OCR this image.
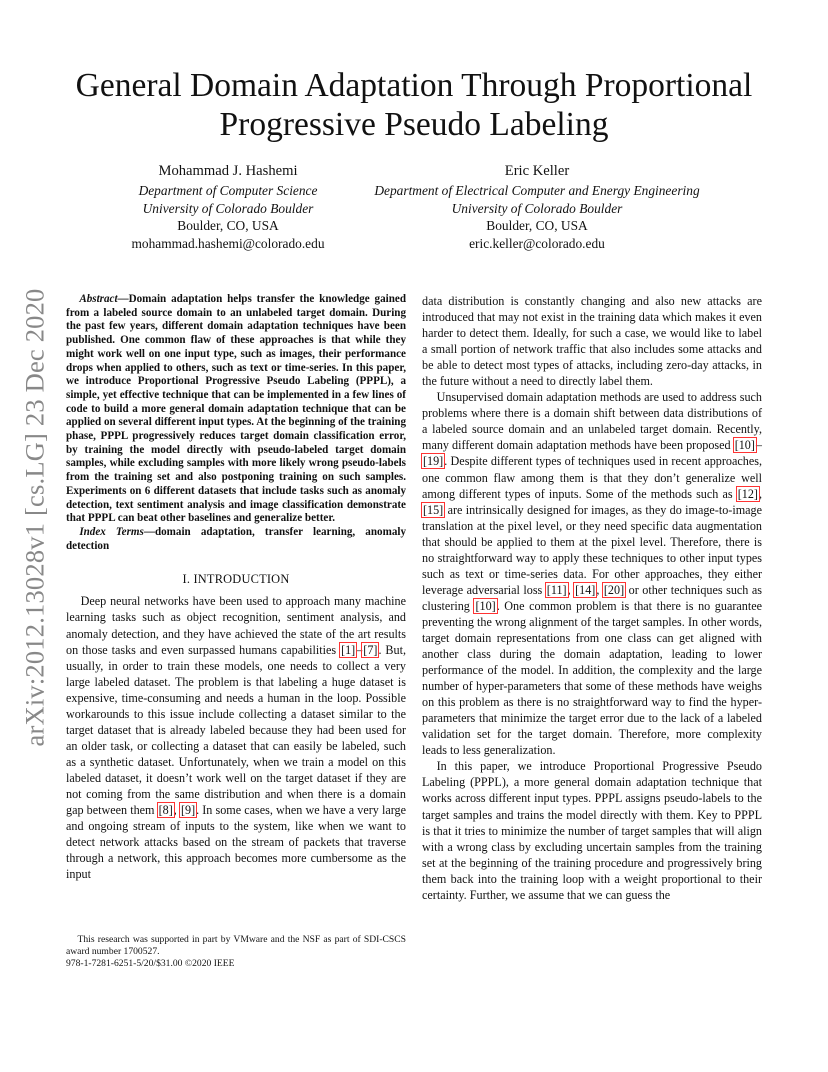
arXiv:2012.13028v1 [cs.LG] 23 Dec 2020
General Domain Adaptation Through Proportional Progressive Pseudo Labeling
Mohammad J. Hashemi
Department of Computer Science
University of Colorado Boulder
Boulder, CO, USA
mohammad.hashemi@colorado.edu
Eric Keller
Department of Electrical Computer and Energy Engineering
University of Colorado Boulder
Boulder, CO, USA
eric.keller@colorado.edu

Abstract—Domain adaptation helps transfer the knowledge gained from a labeled source domain to an unlabeled target domain. During the past few years, different domain adaptation techniques have been published. One common flaw of these approaches is that while they might work well on one input type, such as images, their performance drops when applied to others, such as text or time-series. In this paper, we introduce Proportional Progressive Pseudo Labeling (PPPL), a simple, yet effective technique that can be implemented in a few lines of code to build a more general domain adaptation technique that can be applied on several different input types. At the beginning of the training phase, PPPL progressively reduces target domain classification error, by training the model directly with pseudo-labeled target domain samples, while excluding samples with more likely wrong pseudo-labels from the training set and also postponing training on such samples. Experiments on 6 different datasets that include tasks such as anomaly detection, text sentiment analysis and image classification demonstrate that PPPL can beat other baselines and generalize better.

Index Terms—domain adaptation, transfer learning, anomaly detection

I. INTRODUCTION

Deep neural networks have been used to approach many machine learning tasks such as object recognition, sentiment analysis, and anomaly detection, and they have achieved the state of the art results on those tasks and even surpassed humans capabilities [1]–[7]. But, usually, in order to train these models, one needs to collect a very large labeled dataset. The problem is that labeling a huge dataset is expensive, time-consuming and needs a human in the loop. Possible workarounds to this issue include collecting a dataset similar to the target dataset that is already labeled because they had been used for an older task, or collecting a dataset that can easily be labeled, such as a synthetic dataset. Unfortunately, when we train a model on this labeled dataset, it doesn’t work well on the target dataset if they are not coming from the same distribution and when there is a domain gap between them [8], [9]. In some cases, when we have a very large and ongoing stream of inputs to the system, like when we want to detect network attacks based on the stream of packets that traverse through a network, this approach becomes more cumbersome as the input

This research was supported in part by VMware and the NSF as part of SDI-CSCS award number 1700527.

978-1-7281-6251-5/20/$31.00 ©2020 IEEE

data distribution is constantly changing and also new attacks are introduced that may not exist in the training data which makes it even harder to detect them. Ideally, for such a case, we would like to label a small portion of network traffic that also includes some attacks and be able to detect most types of attacks, including zero-day attacks, in the future without a need to directly label them.

Unsupervised domain adaptation methods are used to address such problems where there is a domain shift between data distributions of a labeled source domain and an unlabeled target domain. Recently, many different domain adaptation methods have been proposed [10]–[19]. Despite different types of techniques used in recent approaches, one common flaw among them is that they don’t generalize well among different types of inputs. Some of the methods such as [12], [15] are intrinsically designed for images, as they do image-to-image translation at the pixel level, or they need specific data augmentation that should be applied to them at the pixel level. Therefore, there is no straightforward way to apply these techniques to other input types such as text or time-series data. For other approaches, they either leverage adversarial loss [11], [14], [20] or other techniques such as clustering [10]. One common problem is that there is no guarantee preventing the wrong alignment of the target samples. In other words, target domain representations from one class can get aligned with another class during the domain adaptation, leading to lower performance of the model. In addition, the complexity and the large number of hyper-parameters that some of these methods have weighs on this problem as there is no straightforward way to find the hyper-parameters that minimize the target error due to the lack of a labeled validation set for the target domain. Therefore, more complexity leads to less generalization.

In this paper, we introduce Proportional Progressive Pseudo Labeling (PPPL), a more general domain adaptation technique that works across different input types. PPPL assigns pseudo-labels to the target samples and trains the model directly with them. Key to PPPL is that it tries to minimize the number of target samples that will align with a wrong class by excluding uncertain samples from the training set at the beginning of the training procedure and progressively bring them back into the training loop with a weight proportional to their certainty. Further, we assume that we can guess the
